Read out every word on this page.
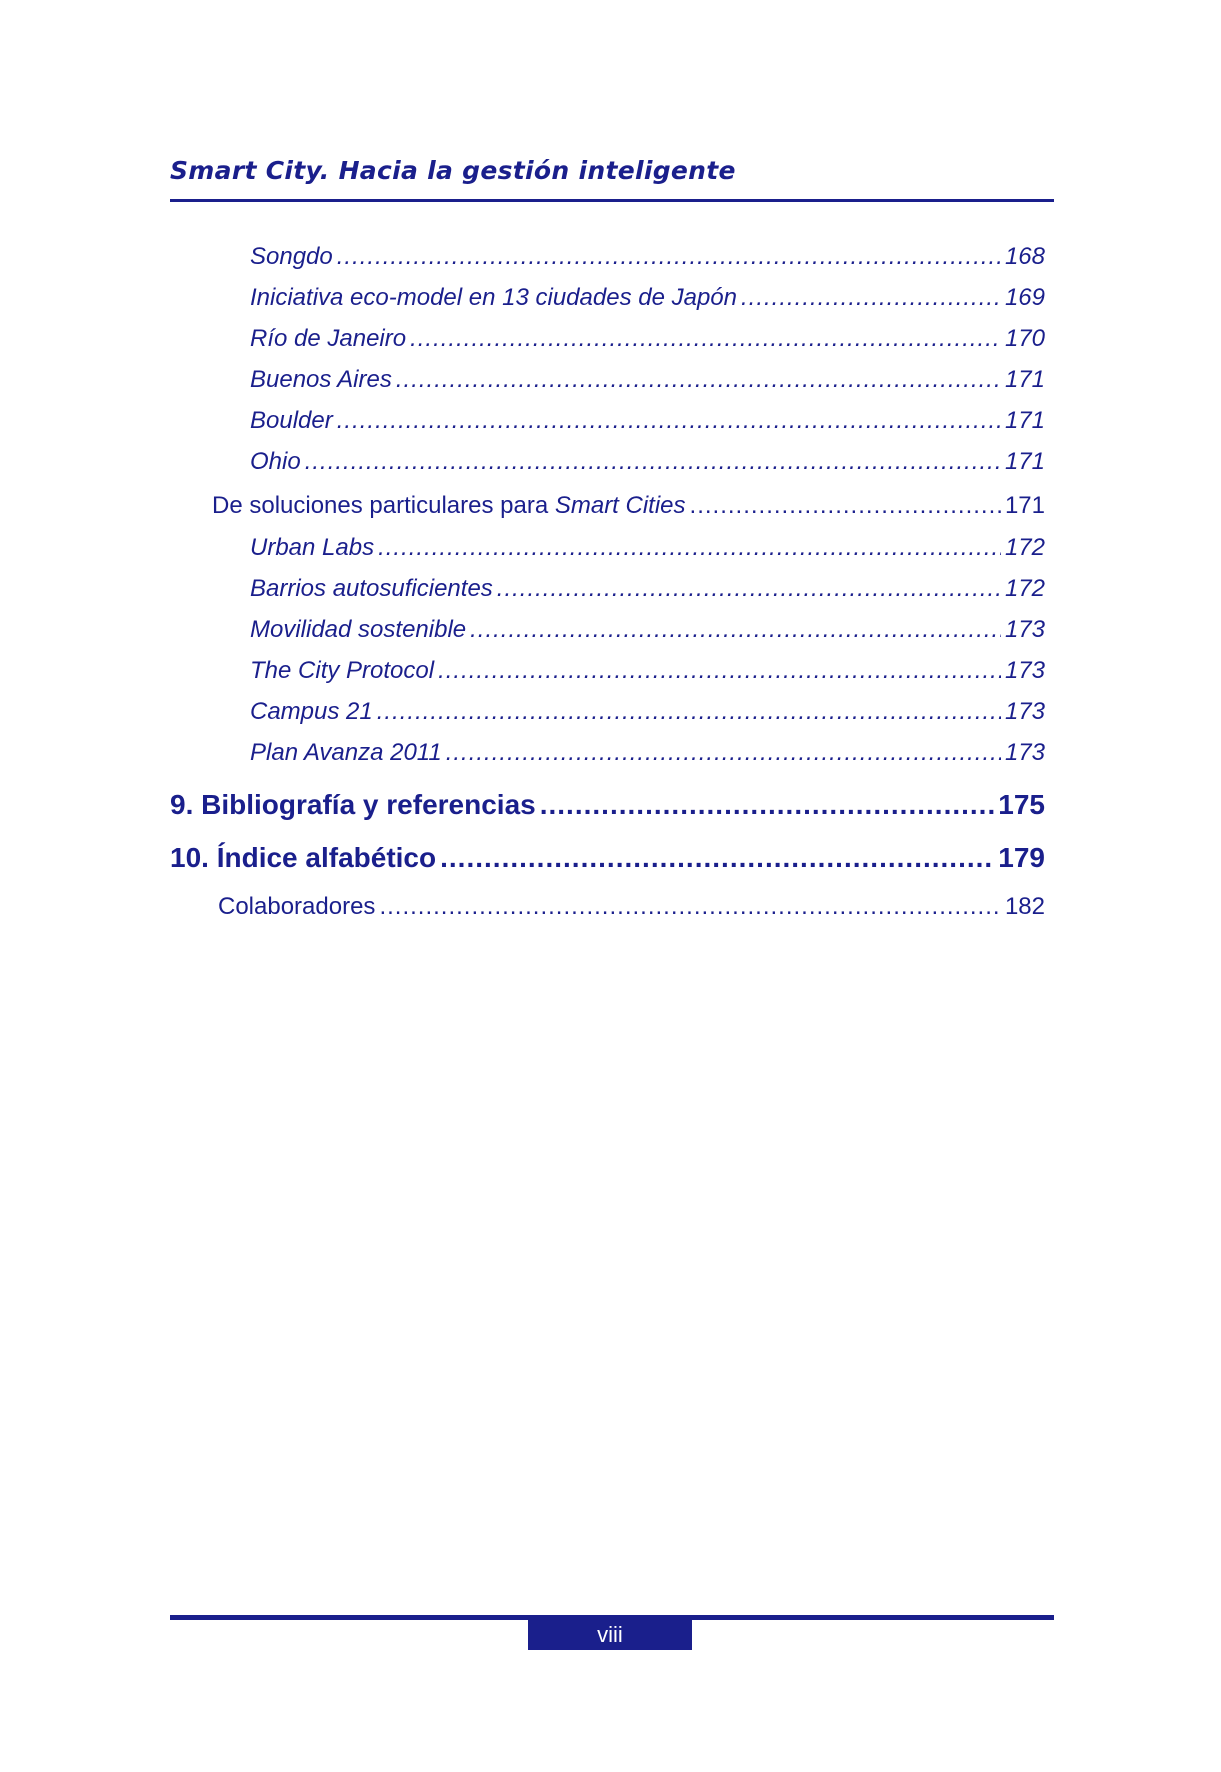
Smart City. Hacia la gestión inteligente
Songdo .....	168
Iniciativa eco-model en 13 ciudades de Japón .....	169
Río de Janeiro .....	170
Buenos Aires .....	171
Boulder .....	171
Ohio .....	171
De soluciones particulares para Smart Cities .....	171
Urban Labs .....	172
Barrios autosuficientes .....	172
Movilidad sostenible .....	173
The City Protocol .....	173
Campus 21 .....	173
Plan Avanza 2011 .....	173
9. Bibliografía y referencias .....	175
10. Índice alfabético .....	179
Colaboradores .....	182
viii
